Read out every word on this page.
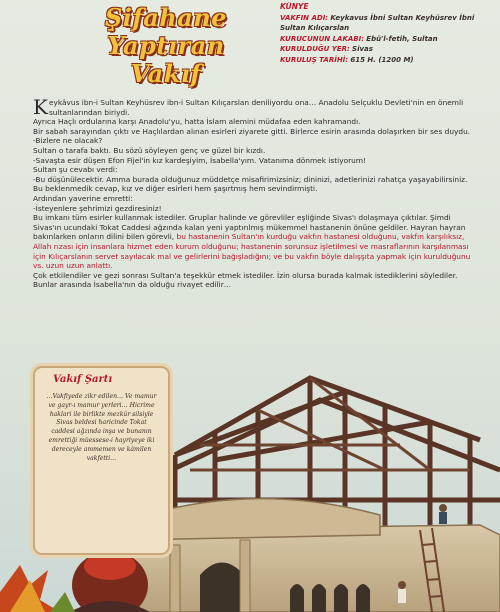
Şifahane
Yaptıran Vakıf
KÜNYE
VAKFIN ADI: Keykavus İbni Sultan Keyhüsrev İbni
Sultan Kılıçarslan
KURUCUNUN LAKABI: Ebü'l-fetih, Sultan
KURULDUĞU YER: Sivas
KURULUŞ TARİHİ: 615 H. (1200 M)

Keykâvus ibn-i Sultan Keyhüsrev ibn-i Sultan Kılıçarslan deniliyordu ona… Anadolu Selçuklu Devleti'nin en önemli sultanlarından biriydi.

Ayrıca Haçlı ordularına karşı Anadolu'yu, hatta İslam alemini müdafaa eden kahramandı.

Bir sabah sarayından çıktı ve Haçlılardan alınan esirleri ziyarete gitti. Birlerce esirin arasında dolaşırken bir ses duydu.

-Bizlere ne olacak?

Sultan o tarafa baktı. Bu sözü söyleyen genç ve güzel bir kızdı.

-Savaşta esir düşen Efon Fijel'in kız kardeşiyim, İsabella'yım. Vatanıma dönmek istiyorum!

Sultan şu cevabı verdi:

-Bu düşünülecektir. Amma burada olduğunuz müddetçe misafirimizsiniz; dininizi, adetlerinizi rahatça yaşayabilirsiniz.

Bu beklenmedik cevap, kız ve diğer esirleri hem şaşırtmış hem sevindirmişti.

Ardından yaverine emretti:

-İsteyenlere şehrimizi gezdiresiniz!

Bu imkanı tüm esirler kullanmak istediler. Gruplar halinde ve görevliler eşliğinde Sivas'ı dolaşmaya çıktılar. Şimdi Sivas'ın ucundaki Tokat Caddesi ağzında kalan yeni yaptırılmış mükemmel hastanenin önüne geldiler. Hayran hayran bakınlarken onların dilini bilen görevli, bu hastanenin Sultan'ın kurduğu vakfın hastanesi olduğunu, vakfın karşılıksız, Allah rızası için insanlara hizmet eden kurum olduğunu; hastanenin sorunsuz işletilmesi ve masraflarının karşılanması için Kılıçarslanın servet sayılacak mal ve gelirlerini bağışladığını; ve bu vakfın böyle dalışşıta yapmak için kurulduğunu vs. uzun uzun anlattı.

Çok etkilendiler ve gezi sonrası Sultan'a teşekkür etmek istediler. İzin olursa burada kalmak istediklerini söylediler. Bunlar arasında İsabella'nın da olduğu rivayet edilir…

Vakıf Şartı
…Vakfiyede zikr edilen… Ve mamur ve gayr-ı mamur yerleri… Hicrime haklari ile birlikte mezkûr silsiyle Sivas beldesi haricinde Tokat caddesi ağzında inşa ve bunanın emrettiği müessese-i hayriyeye iki dereceyle ammemen ve kâmilen vakfetti…
